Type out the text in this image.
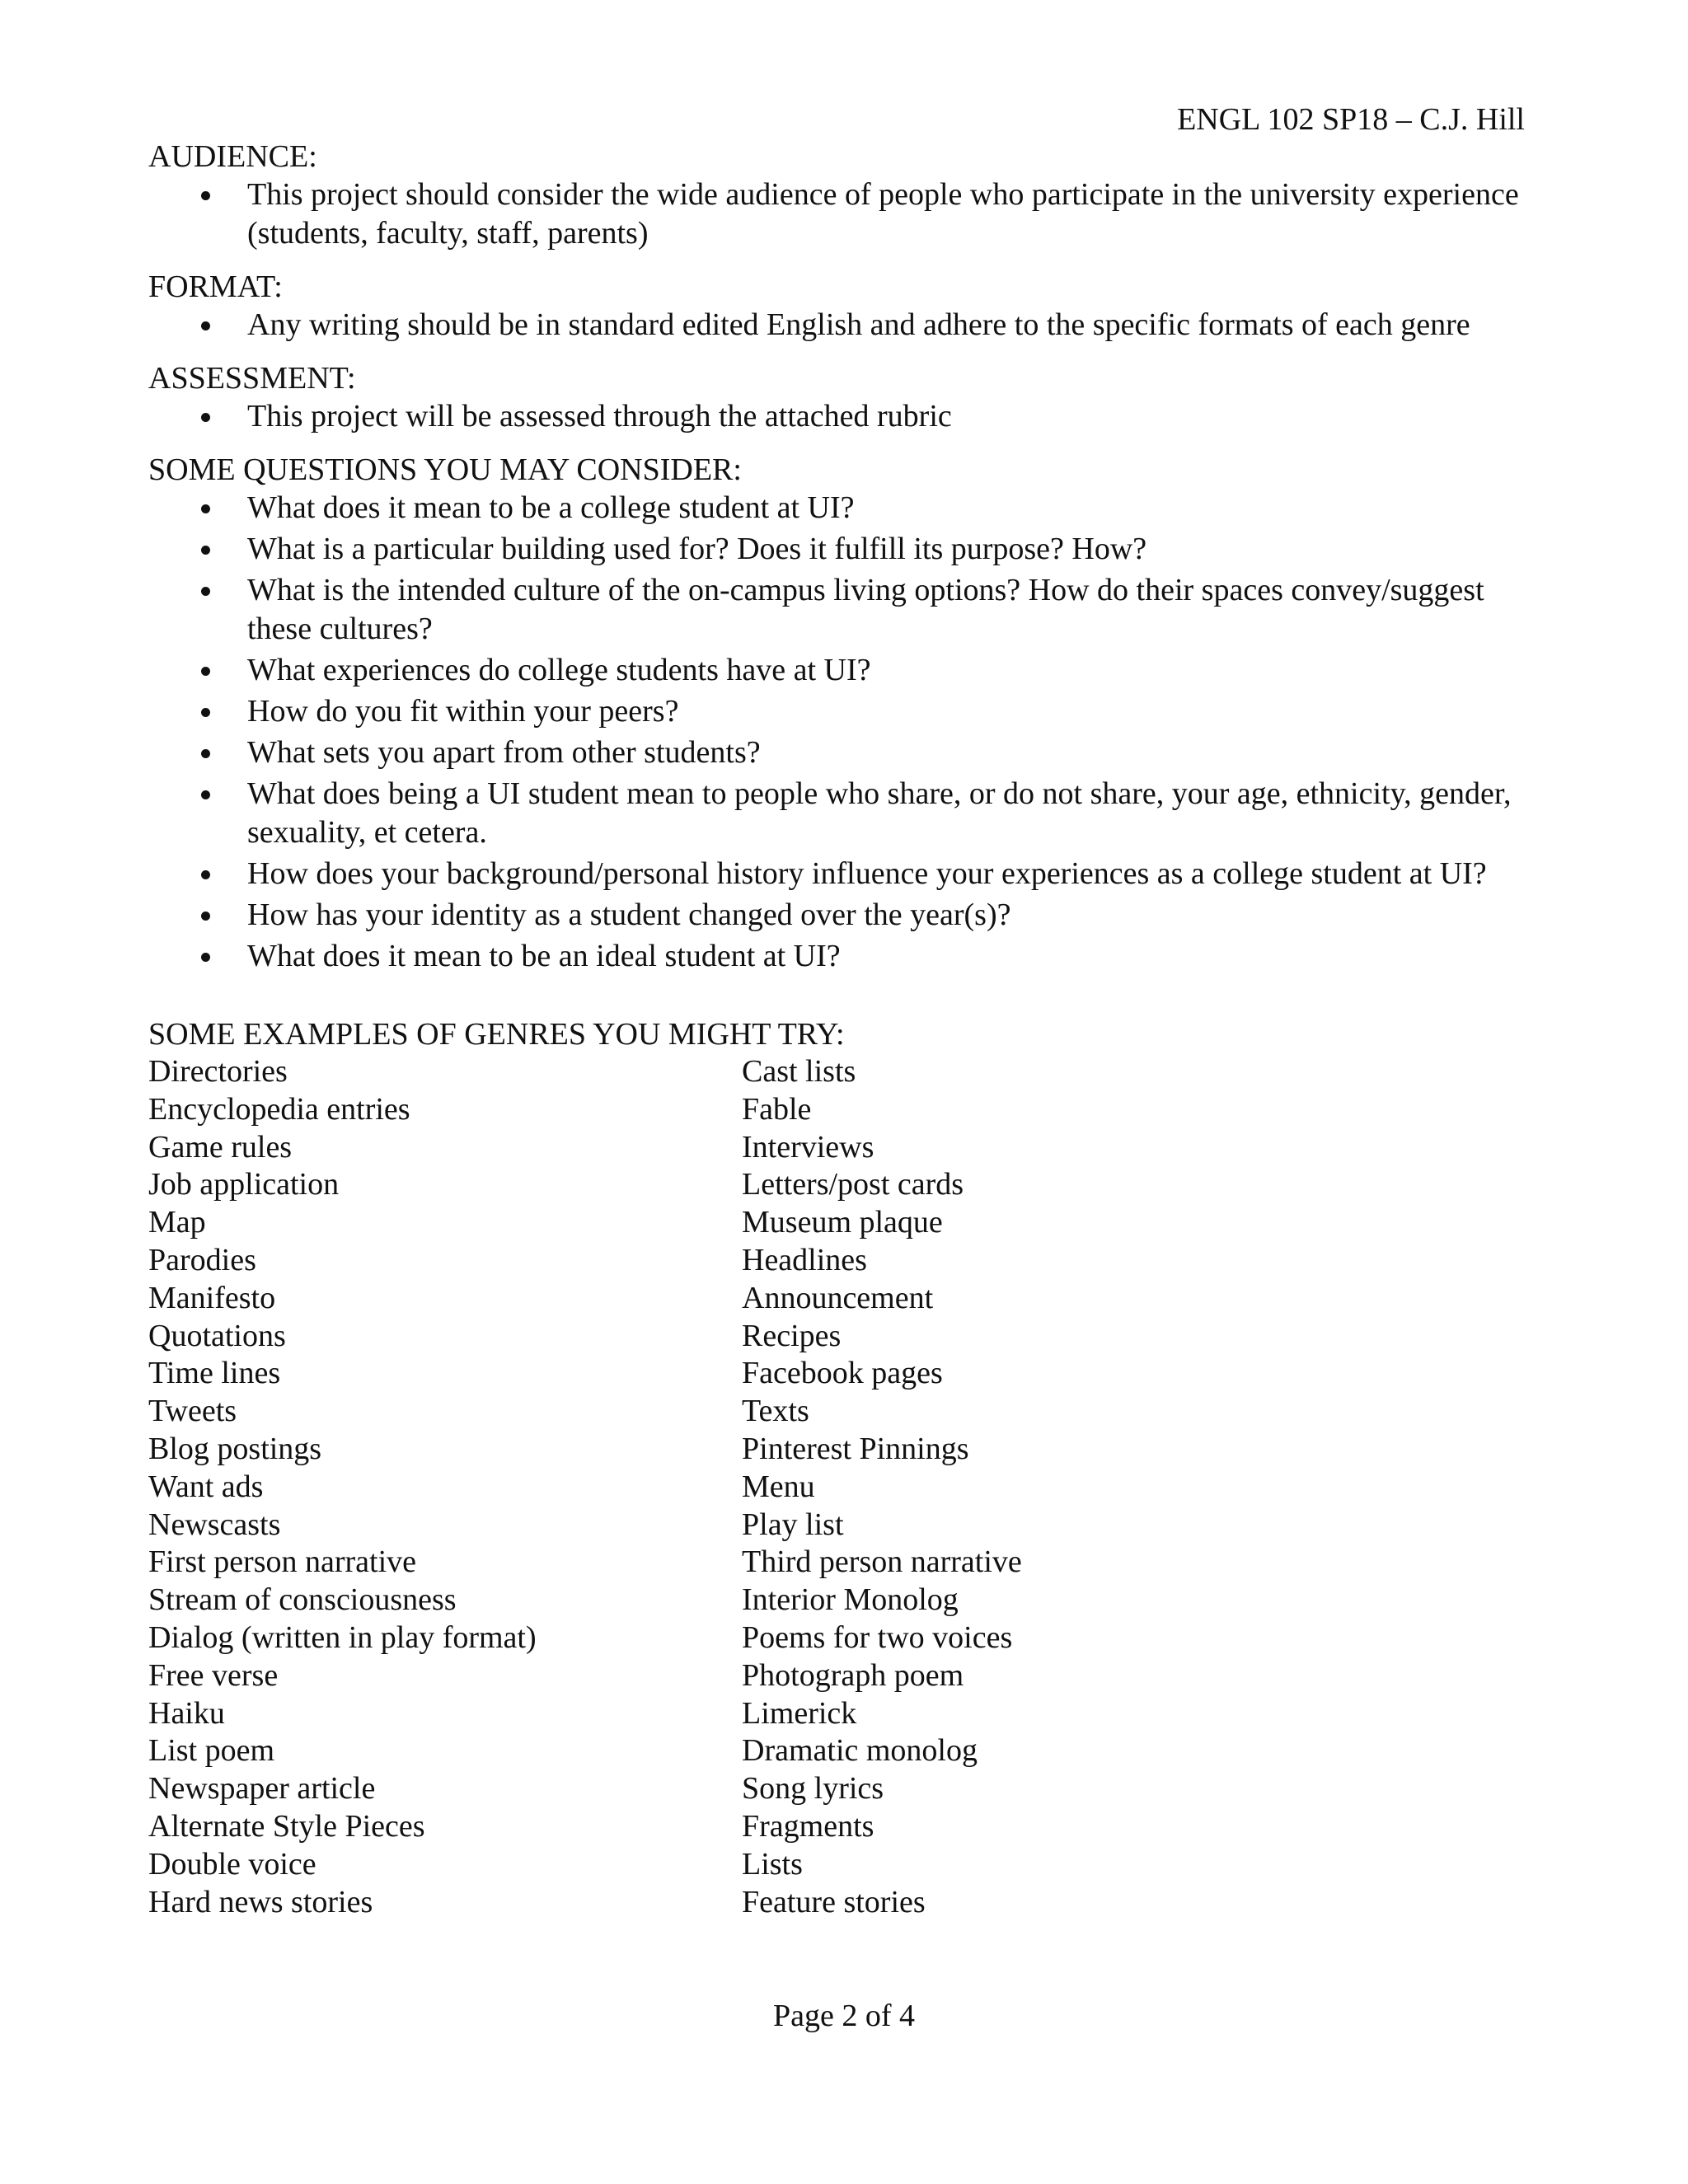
ENGL 102 SP18 – C.J. Hill

AUDIENCE:

This project should consider the wide audience of people who participate in the university experience (students, faculty, staff, parents)

FORMAT:

Any writing should be in standard edited English and adhere to the specific formats of each genre

ASSESSMENT:

This project will be assessed through the attached rubric

SOME QUESTIONS YOU MAY CONSIDER:

What does it mean to be a college student at UI?
What is a particular building used for? Does it fulfill its purpose? How?
What is the intended culture of the on-campus living options? How do their spaces convey/suggest these cultures?
What experiences do college students have at UI?
How do you fit within your peers?
What sets you apart from other students?
What does being a UI student mean to people who share, or do not share, your age, ethnicity, gender, sexuality, et cetera.
How does your background/personal history influence your experiences as a college student at UI?
How has your identity as a student changed over the year(s)?
What does it mean to be an ideal student at UI?

SOME EXAMPLES OF GENRES YOU MIGHT TRY:

Directories

Encyclopedia entries

Game rules

Job application

Map

Parodies

Manifesto

Quotations

Time lines

Tweets

Blog postings

Want ads

Newscasts

First person narrative

Stream of consciousness

Dialog (written in play format)

Free verse

Haiku

List poem

Newspaper article

Alternate Style Pieces

Double voice

Hard news stories

Cast lists

Fable

Interviews

Letters/post cards

Museum plaque

Headlines

Announcement

Recipes

Facebook pages

Texts

Pinterest Pinnings

Menu

Play list

Third person narrative

Interior Monolog

Poems for two voices

Photograph poem

Limerick

Dramatic monolog

Song lyrics

Fragments

Lists

Feature stories

Page 2 of 4
